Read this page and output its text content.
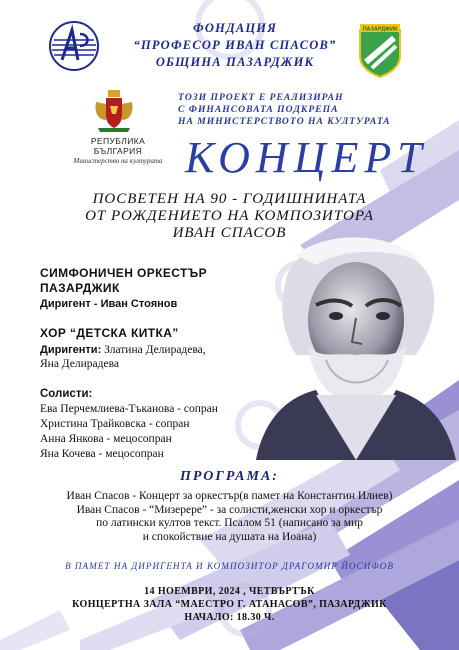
ФОНДАЦИЯ
“ПРОФЕСОР ИВАН СПАСОВ”
ОБЩИНА ПАЗАРДЖИК
ПАЗАРДЖИК
РЕПУБЛИКА БЪЛГАРИЯ
Министерство на културата
ТОЗИ ПРОЕКТ Е РЕАЛИЗИРАН
С ФИНАНСОВАТА ПОДКРЕПА
НА МИНИСТЕРСТВОТО НА КУЛТУРАТА
КОНЦЕРТ
ПОСВЕТЕН НА 90 - ГОДИШНИНАТА
ОТ РОЖДЕНИЕТО НА КОМПОЗИТОРА
ИВАН СПАСОВ
СИМФОНИЧЕН ОРКЕСТЪР
ПАЗАРДЖИК
Диригент - Иван Стоянов
ХОР “ДЕТСКА КИТКА”
Диригенти: Златина Делирадева,
Яна Делирадева
Солисти:
Ева Перчемлиева-Тъканова - сопран
Христина Трайковска - сопран
Анна Янкова - мецосопран
Яна Кочева - мецосопран
ПРОГРАМА:
Иван Спасов - Концерт за оркестър(в памет на Константин Илиев)
Иван Спасов - “Мизерере” - за солисти,женски хор и оркестър
по латински култов текст. Псалом 51 (написано за мир
и спокойствие на душата на Иоана)
В ПАМЕТ НА ДИРИГЕНТА И КОМПОЗИТОР ДРАГОМИР ЙОСИФОВ
14 НОЕМВРИ, 2024 , ЧЕТВЪРТЪК
КОНЦЕРТНА ЗАЛА “МАЕСТРО Г. АТАНАСОВ”, ПАЗАРДЖИК
НАЧАЛО: 18.30 Ч.
